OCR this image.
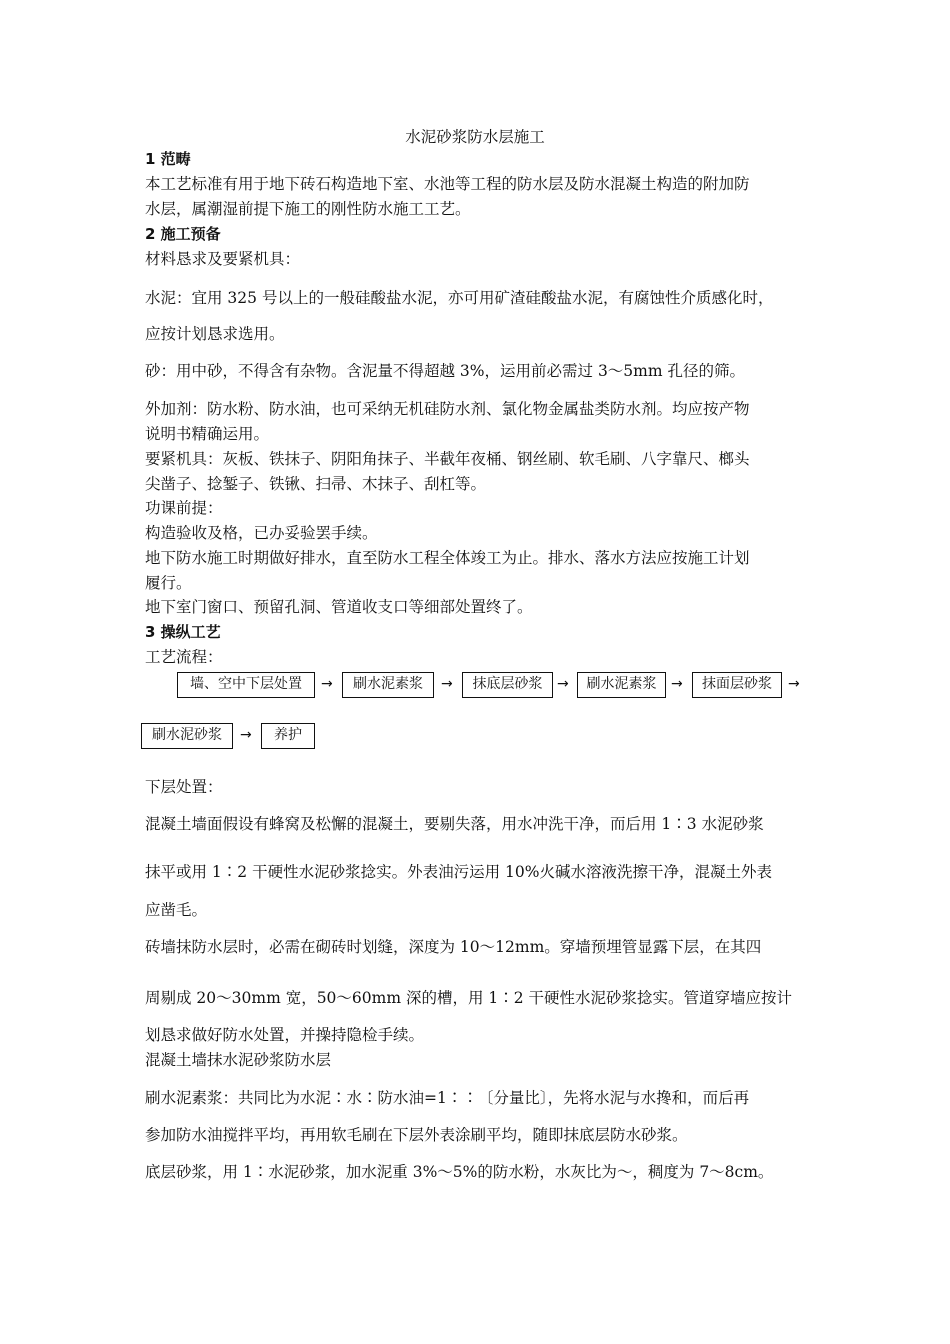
水泥砂浆防水层施工
1 范畴
本工艺标准有用于地下砖石构造地下室、水池等工程的防水层及防水混凝土构造的附加防
水层，属潮湿前提下施工的刚性防水施工工艺。
2 施工预备
材料恳求及要紧机具：
水泥：宜用 325 号以上的一般硅酸盐水泥，亦可用矿渣硅酸盐水泥，有腐蚀性介质感化时，
应按计划恳求选用。
砂：用中砂，不得含有杂物。含泥量不得超越 3%，运用前必需过 3～5mm 孔径的筛。
外加剂：防水粉、防水油，也可采纳无机硅防水剂、氯化物金属盐类防水剂。均应按产物
说明书精确运用。
要紧机具：灰板、铁抹子、阴阳角抹子、半截年夜桶、钢丝刷、软毛刷、八字靠尺、榔头
尖凿子、捻錾子、铁锹、扫帚、木抹子、刮杠等。
功课前提：
构造验收及格，已办妥验罢手续。
地下防水施工时期做好排水，直至防水工程全体竣工为止。排水、落水方法应按施工计划
履行。
地下室门窗口、预留孔洞、管道收支口等细部处置终了。
3 操纵工艺
工艺流程：
墙、空中下层处置	→	刷水泥素浆	→	抹底层砂浆	→	刷水泥素浆	→	抹面层砂浆	→
刷水泥砂浆	→	养护
下层处置：
混凝土墙面假设有蜂窝及松懈的混凝土，要剔失落，用水冲洗干净，而后用 1∶3 水泥砂浆
抹平或用 1∶2 干硬性水泥砂浆捻实。外表油污运用 10%火碱水溶液洗擦干净，混凝土外表
应凿毛。
砖墙抹防水层时，必需在砌砖时划缝，深度为 10～12mm。穿墙预埋管显露下层，在其四
周剔成 20～30mm 宽，50～60mm 深的槽，用 1∶2 干硬性水泥砂浆捻实。管道穿墙应按计
划恳求做好防水处置，并操持隐检手续。
混凝土墙抹水泥砂浆防水层
刷水泥素浆：共同比为水泥∶水∶防水油=1∶∶〔分量比〕，先将水泥与水搀和，而后再
参加防水油搅拌平均，再用软毛刷在下层外表涂刷平均，随即抹底层防水砂浆。
底层砂浆，用 1∶水泥砂浆，加水泥重 3%～5%的防水粉，水灰比为～，稠度为 7～8cm。
